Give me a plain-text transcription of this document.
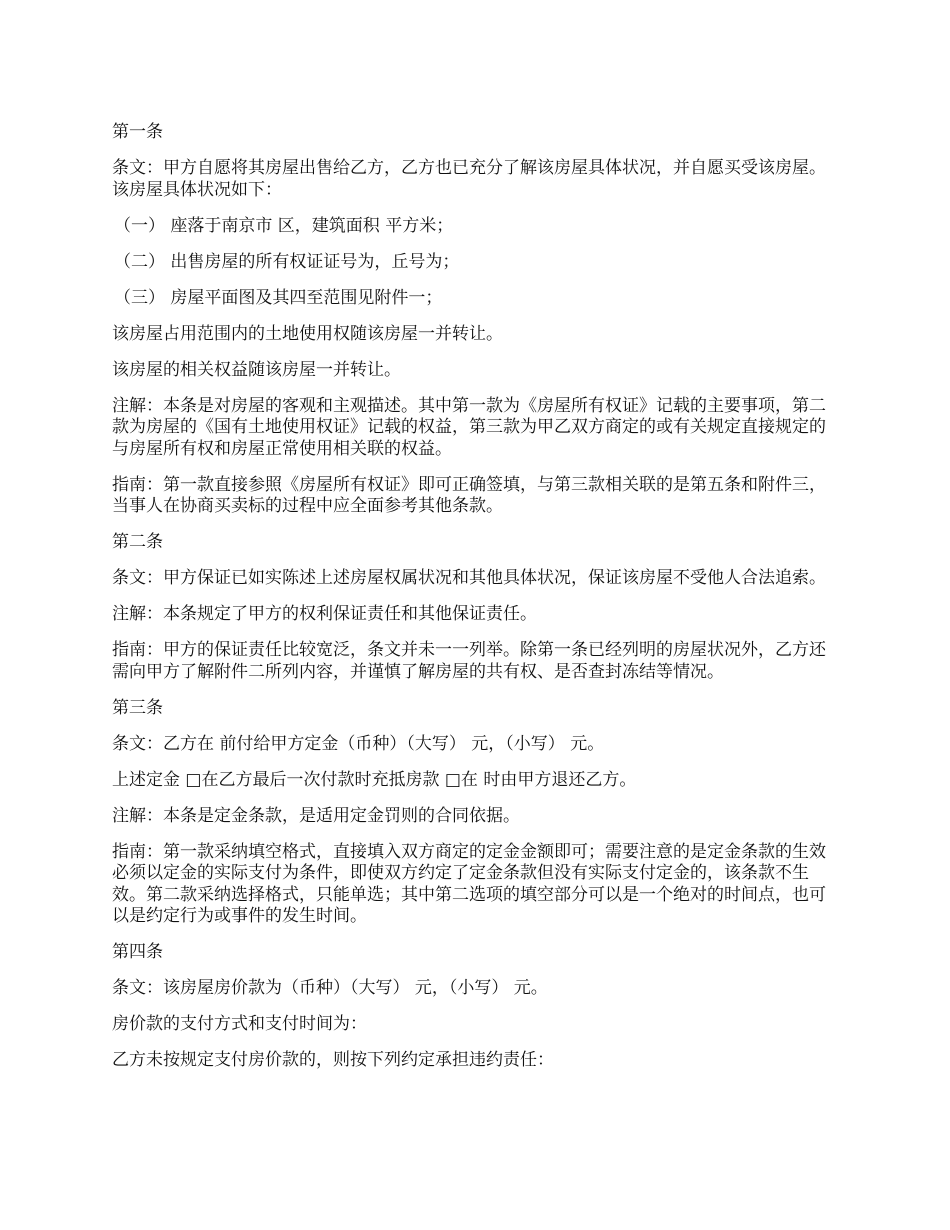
第一条

条文：甲方自愿将其房屋出售给乙方，乙方也已充分了解该房屋具体状况，并自愿买受该房屋。该房屋具体状况如下：

（一） 座落于南京市 区，建筑面积 平方米；

（二） 出售房屋的所有权证证号为，丘号为；

（三） 房屋平面图及其四至范围见附件一；

该房屋占用范围内的土地使用权随该房屋一并转让。

该房屋的相关权益随该房屋一并转让。

注解：本条是对房屋的客观和主观描述。其中第一款为《房屋所有权证》记载的主要事项，第二款为房屋的《国有土地使用权证》记载的权益，第三款为甲乙双方商定的或有关规定直接规定的与房屋所有权和房屋正常使用相关联的权益。

指南：第一款直接参照《房屋所有权证》即可正确签填，与第三款相关联的是第五条和附件三，当事人在协商买卖标的过程中应全面参考其他条款。

第二条

条文：甲方保证已如实陈述上述房屋权属状况和其他具体状况，保证该房屋不受他人合法追索。

注解：本条规定了甲方的权利保证责任和其他保证责任。

指南：甲方的保证责任比较宽泛，条文并未一一列举。除第一条已经列明的房屋状况外，乙方还需向甲方了解附件二所列内容，并谨慎了解房屋的共有权、是否查封冻结等情况。

第三条

条文：乙方在 前付给甲方定金（币种）（大写） 元，（小写） 元。

上述定金 □在乙方最后一次付款时充抵房款 □在 时由甲方退还乙方。

注解：本条是定金条款，是适用定金罚则的合同依据。

指南：第一款采纳填空格式，直接填入双方商定的定金金额即可；需要注意的是定金条款的生效必须以定金的实际支付为条件，即使双方约定了定金条款但没有实际支付定金的，该条款不生效。第二款采纳选择格式，只能单选；其中第二选项的填空部分可以是一个绝对的时间点，也可以是约定行为或事件的发生时间。

第四条

条文：该房屋房价款为（币种）（大写） 元，（小写） 元。

房价款的支付方式和支付时间为：

乙方未按规定支付房价款的，则按下列约定承担违约责任：
